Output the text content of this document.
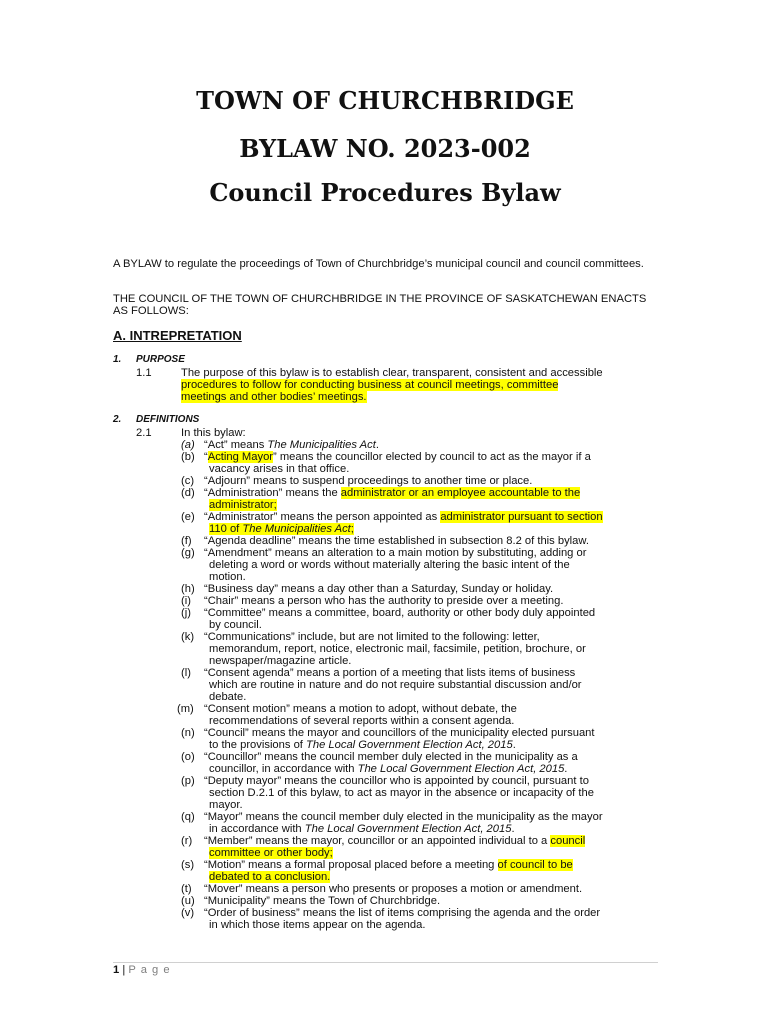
TOWN OF CHURCHBRIDGE
BYLAW NO. 2023-002
Council Procedures Bylaw

A BYLAW to regulate the proceedings of Town of Churchbridge’s municipal council and council committees.

THE COUNCIL OF THE TOWN OF CHURCHBRIDGE IN THE PROVINCE OF SASKATCHEWAN ENACTS AS FOLLOWS:

A. INTREPRETATION

1. PURPOSE
1.1	The purpose of this bylaw is to establish clear, transparent, consistent and accessible
procedures to follow for conducting business at council meetings, committee
meetings and other bodies’ meetings.
2. DEFINITIONS
2.1	In this bylaw:
(a) “Act” means The Municipalities Act.
(b) “Acting Mayor” means the councillor elected by council to act as the mayor if a
vacancy arises in that office.
(c) “Adjourn” means to suspend proceedings to another time or place.
(d) “Administration” means the administrator or an employee accountable to the
administrator;
(e) “Administrator” means the person appointed as administrator pursuant to section
110 of The Municipalities Act;
(f) “Agenda deadline” means the time established in subsection 8.2 of this bylaw.
(g) “Amendment” means an alteration to a main motion by substituting, adding or
deleting a word or words without materially altering the basic intent of the
motion.
(h) “Business day” means a day other than a Saturday, Sunday or holiday.
(i) “Chair” means a person who has the authority to preside over a meeting.
(j) “Committee” means a committee, board, authority or other body duly appointed
by council.
(k) “Communications” include, but are not limited to the following: letter,
memorandum, report, notice, electronic mail, facsimile, petition, brochure, or
newspaper/magazine article.
(l) “Consent agenda” means a portion of a meeting that lists items of business
which are routine in nature and do not require substantial discussion and/or
debate.
(m) “Consent motion” means a motion to adopt, without debate, the
recommendations of several reports within a consent agenda.
(n) “Council” means the mayor and councillors of the municipality elected pursuant
to the provisions of The Local Government Election Act, 2015.
(o) “Councillor” means the council member duly elected in the municipality as a
councillor, in accordance with The Local Government Election Act, 2015.
(p) “Deputy mayor” means the councillor who is appointed by council, pursuant to
section D.2.1 of this bylaw, to act as mayor in the absence or incapacity of the
mayor.
(q) “Mayor” means the council member duly elected in the municipality as the mayor
in accordance with The Local Government Election Act, 2015.
(r) “Member” means the mayor, councillor or an appointed individual to a council
committee or other body;
(s) “Motion” means a formal proposal placed before a meeting of council to be
debated to a conclusion.
(t) “Mover” means a person who presents or proposes a motion or amendment.
(u) “Municipality” means the Town of Churchbridge.
(v) “Order of business” means the list of items comprising the agenda and the order
in which those items appear on the agenda.
1 | P a g e
